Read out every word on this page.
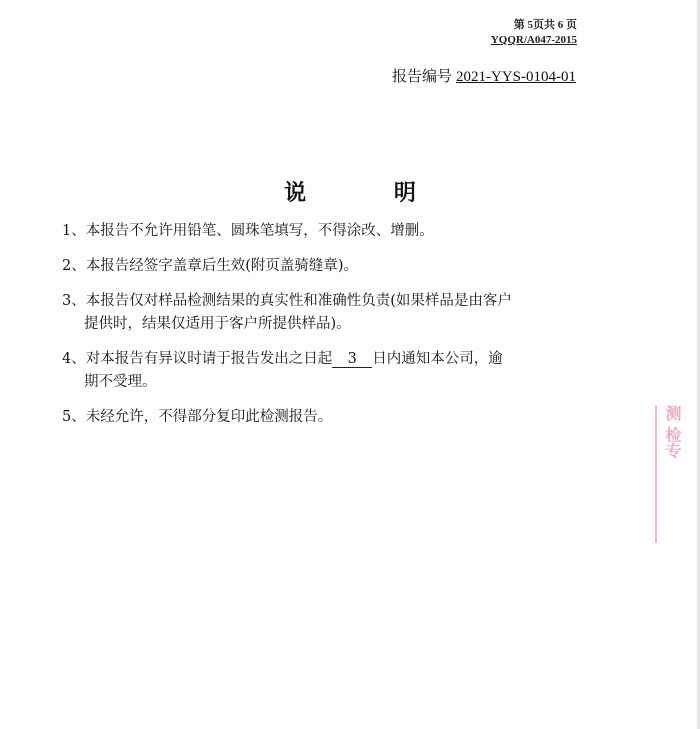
第 5页共 6 页
YQQR/A047-2015
报告编号 2021-YYS-0104-01
说 明
1、本报告不允许用铅笔、圆珠笔填写，不得涂改、增删。
2、本报告经签字盖章后生效(附页盖骑缝章)。
3、本报告仅对样品检测结果的真实性和准确性负责(如果样品是由客户
提供时，结果仅适用于客户所提供样品)。
4、对本报告有异议时请于报告发出之日起 3 日内通知本公司，逾
期不受理。
5、未经允许，不得部分复印此检测报告。	测 检专
